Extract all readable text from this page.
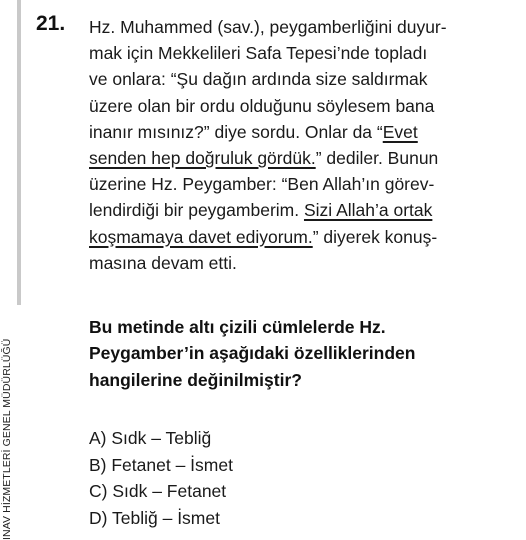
INAV HİZMETLERİ GENEL MÜDÜRLÜĞÜ
21. Hz. Muhammed (sav.), peygamberliğini duyur-
mak için Mekkelileri Safa Tepesi’nde topladı
ve onlara: “Şu dağın ardında size saldırmak
üzere olan bir ordu olduğunu söylesem bana
inanır mısınız?” diye sordu. Onlar da “Evet
senden hep doğruluk gördük.” dediler. Bunun
üzerine Hz. Peygamber: “Ben Allah’ın görev-
lendirdiği bir peygamberim. Sizi Allah’a ortak
koşmamaya davet ediyorum.” diyerek konuş-
masına devam etti.
Bu metinde altı çizili cümlelerde Hz.
Peygamber’in aşağıdaki özelliklerinden
hangilerine değinilmiştir?
A) Sıdk – Tebliğ
B) Fetanet – İsmet
C) Sıdk – Fetanet
D) Tebliğ – İsmet
